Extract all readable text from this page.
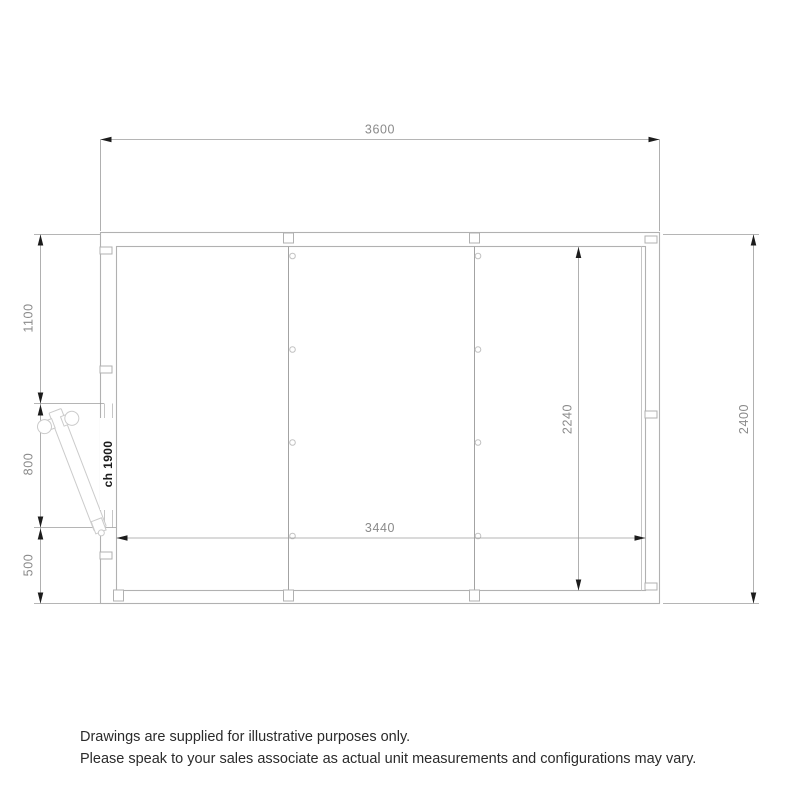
3600
2400
1100
800
500
2240
3440
ch 1900
Drawings are supplied for illustrative purposes only.
Please speak to your sales associate as actual unit measurements and configurations may vary.
